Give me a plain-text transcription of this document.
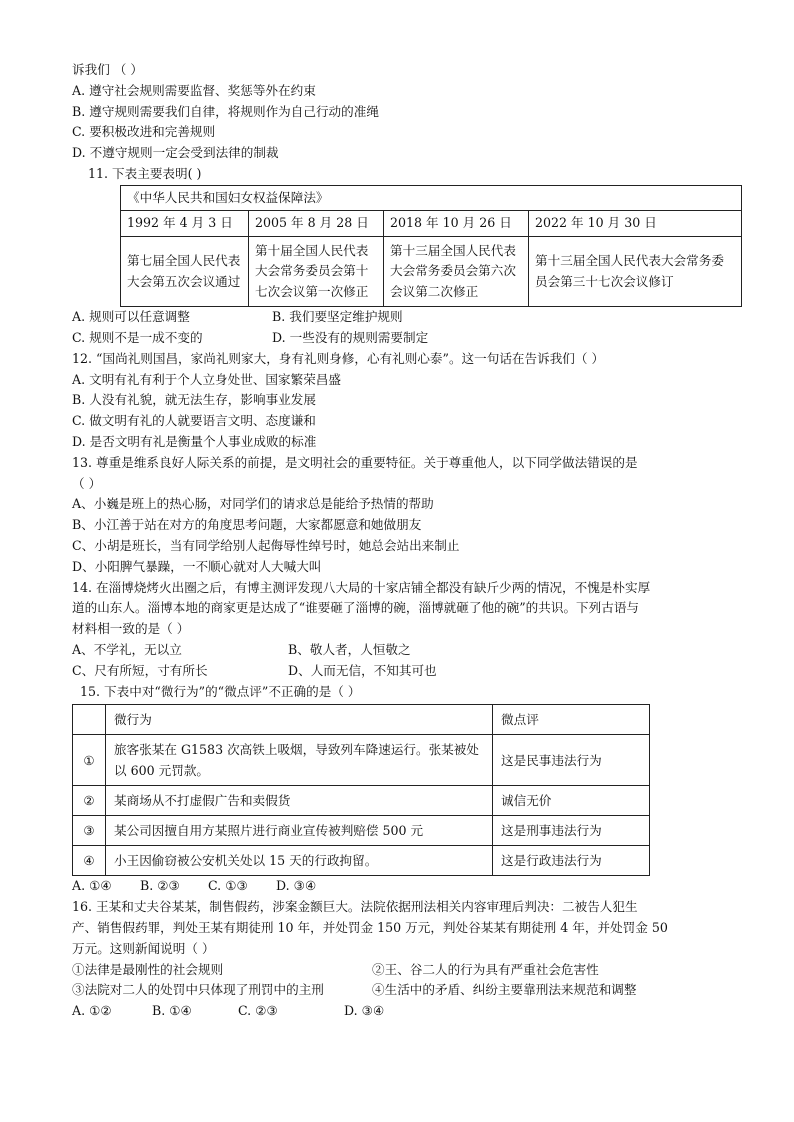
诉我们 （ ）
A. 遵守社会规则需要监督、奖惩等外在约束
B. 遵守规则需要我们自律，将规则作为自己行动的准绳
C. 要积极改进和完善规则
D. 不遵守规则一定会受到法律的制裁
11. 下表主要表明( )
《中华人民共和国妇女权益保障法》			
1992 年 4 月 3 日	2005 年 8 月 28 日	2018 年 10 月 26 日	2022 年 10 月 30 日
第七届全国人民代表大会第五次会议通过	第十届全国人民代表大会常务委员会第十七次会议第一次修正	第十三届全国人民代表大会常务委员会第六次会议第二次修正	第十三届全国人民代表大会常务委员会第三十七次会议修订
A. 规则可以任意调整	B. 我们要坚定维护规则
C. 规则不是一成不变的	D. 一些没有的规则需要制定
12. “国尚礼则国昌，家尚礼则家大，身有礼则身修，心有礼则心泰”。这一句话在告诉我们（ ）
A. 文明有礼有利于个人立身处世、国家繁荣昌盛
B. 人没有礼貌，就无法生存，影响事业发展
C. 做文明有礼的人就要语言文明、态度谦和
D. 是否文明有礼是衡量个人事业成败的标准
13. 尊重是维系良好人际关系的前提，是文明社会的重要特征。关于尊重他人，以下同学做法错误的是
（ ）
A、小巍是班上的热心肠，对同学们的请求总是能给予热情的帮助
B、小江善于站在对方的角度思考问题，大家都愿意和她做朋友
C、小胡是班长，当有同学给别人起侮辱性绰号时，她总会站出来制止
D、小阳脾气暴躁，一不顺心就对人大喊大叫
14. 在淄博烧烤火出圈之后，有博主测评发现八大局的十家店铺全都没有缺斤少两的情况，不愧是朴实厚
道的山东人。淄博本地的商家更是达成了“谁要砸了淄博的碗，淄博就砸了他的碗”的共识。下列古语与
材料相一致的是（ ）
A、不学礼，无以立	B、敬人者，人恒敬之
C、尺有所短，寸有所长	D、人而无信，不知其可也
15. 下表中对“微行为”的“微点评”不正确的是（ ）
	微行为	微点评
①	旅客张某在 G1583 次高铁上吸烟，导致列车降速运行。张某被处以 600 元罚款。	这是民事违法行为
②	某商场从不打虚假广告和卖假货	诚信无价
③	某公司因擅自用方某照片进行商业宣传被判赔偿 500 元	这是刑事违法行为
④	小王因偷窃被公安机关处以 15 天的行政拘留。	这是行政违法行为
A. ①④	B. ②③	C. ①③	D. ③④
16. 王某和丈夫谷某某，制售假药，涉案金额巨大。法院依据刑法相关内容审理后判决：二被告人犯生
产、销售假药罪，判处王某有期徒刑 10 年，并处罚金 150 万元，判处谷某某有期徒刑 4 年，并处罚金 50
万元。这则新闻说明（ ）
①法律是最刚性的社会规则	②王、谷二人的行为具有严重社会危害性
③法院对二人的处罚中只体现了刑罚中的主刑	④生活中的矛盾、纠纷主要靠刑法来规范和调整
A. ①②	B. ①④	C. ②③	D. ③④
